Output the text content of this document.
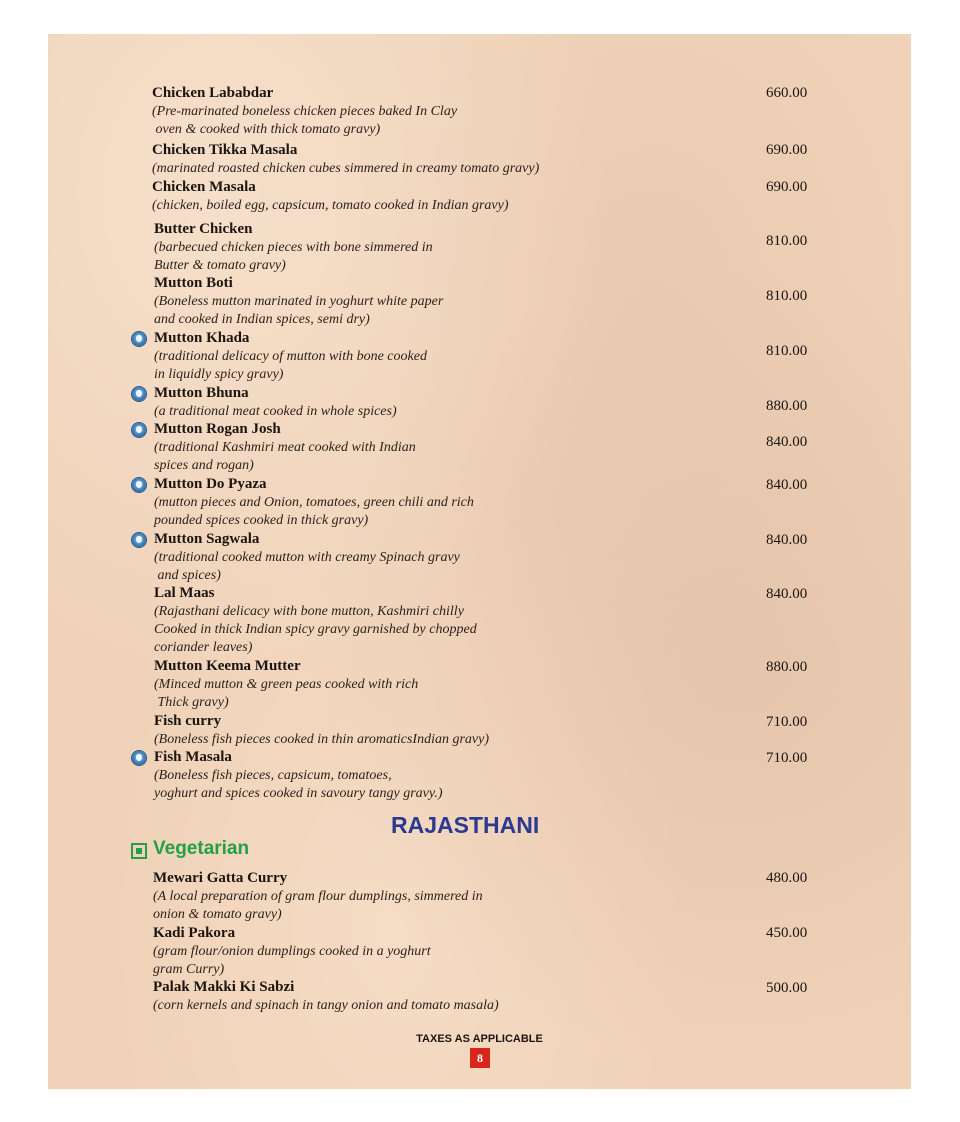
Chicken Lababdar
(Pre-marinated boneless chicken pieces baked In Clay
oven & cooked with thick tomato gravy)
660.00
Chicken Tikka Masala
(marinated roasted chicken cubes simmered in creamy tomato gravy)
690.00
Chicken Masala
(chicken, boiled egg, capsicum, tomato cooked in Indian gravy)
690.00
Butter Chicken
(barbecued chicken pieces with bone simmered in
Butter & tomato gravy)
810.00
Mutton Boti
(Boneless mutton marinated in yoghurt white paper
and cooked in Indian spices, semi dry)
810.00
Mutton Khada
(traditional delicacy of mutton with bone cooked
in liquidly spicy gravy)
810.00
Mutton Bhuna
(a traditional meat cooked in whole spices)	880.00
Mutton Rogan Josh
(traditional Kashmiri meat cooked with Indian
spices and rogan)
840.00
Mutton Do Pyaza
(mutton pieces and Onion, tomatoes, green chili and rich
pounded spices cooked in thick gravy)
840.00
Mutton Sagwala
(traditional cooked mutton with creamy Spinach gravy
and spices)
840.00
Lal Maas
(Rajasthani delicacy with bone mutton, Kashmiri chilly
Cooked in thick Indian spicy gravy garnished by chopped
coriander leaves)
840.00
Mutton Keema Mutter
(Minced mutton & green peas cooked with rich
Thick gravy)
880.00
Fish curry
(Boneless fish pieces cooked in thin aromaticsIndian gravy)
710.00
Fish Masala
(Boneless fish pieces, capsicum, tomatoes,
yoghurt and spices cooked in savoury tangy gravy.)
710.00
RAJASTHANI
Vegetarian
Mewari Gatta Curry
(A local preparation of gram flour dumplings, simmered in
onion & tomato gravy)
480.00
Kadi Pakora
(gram flour/onion dumplings cooked in a yoghurt
gram Curry)
450.00
Palak Makki Ki Sabzi
(corn kernels and spinach in tangy onion and tomato masala)
500.00
TAXES AS APPLICABLE
8
